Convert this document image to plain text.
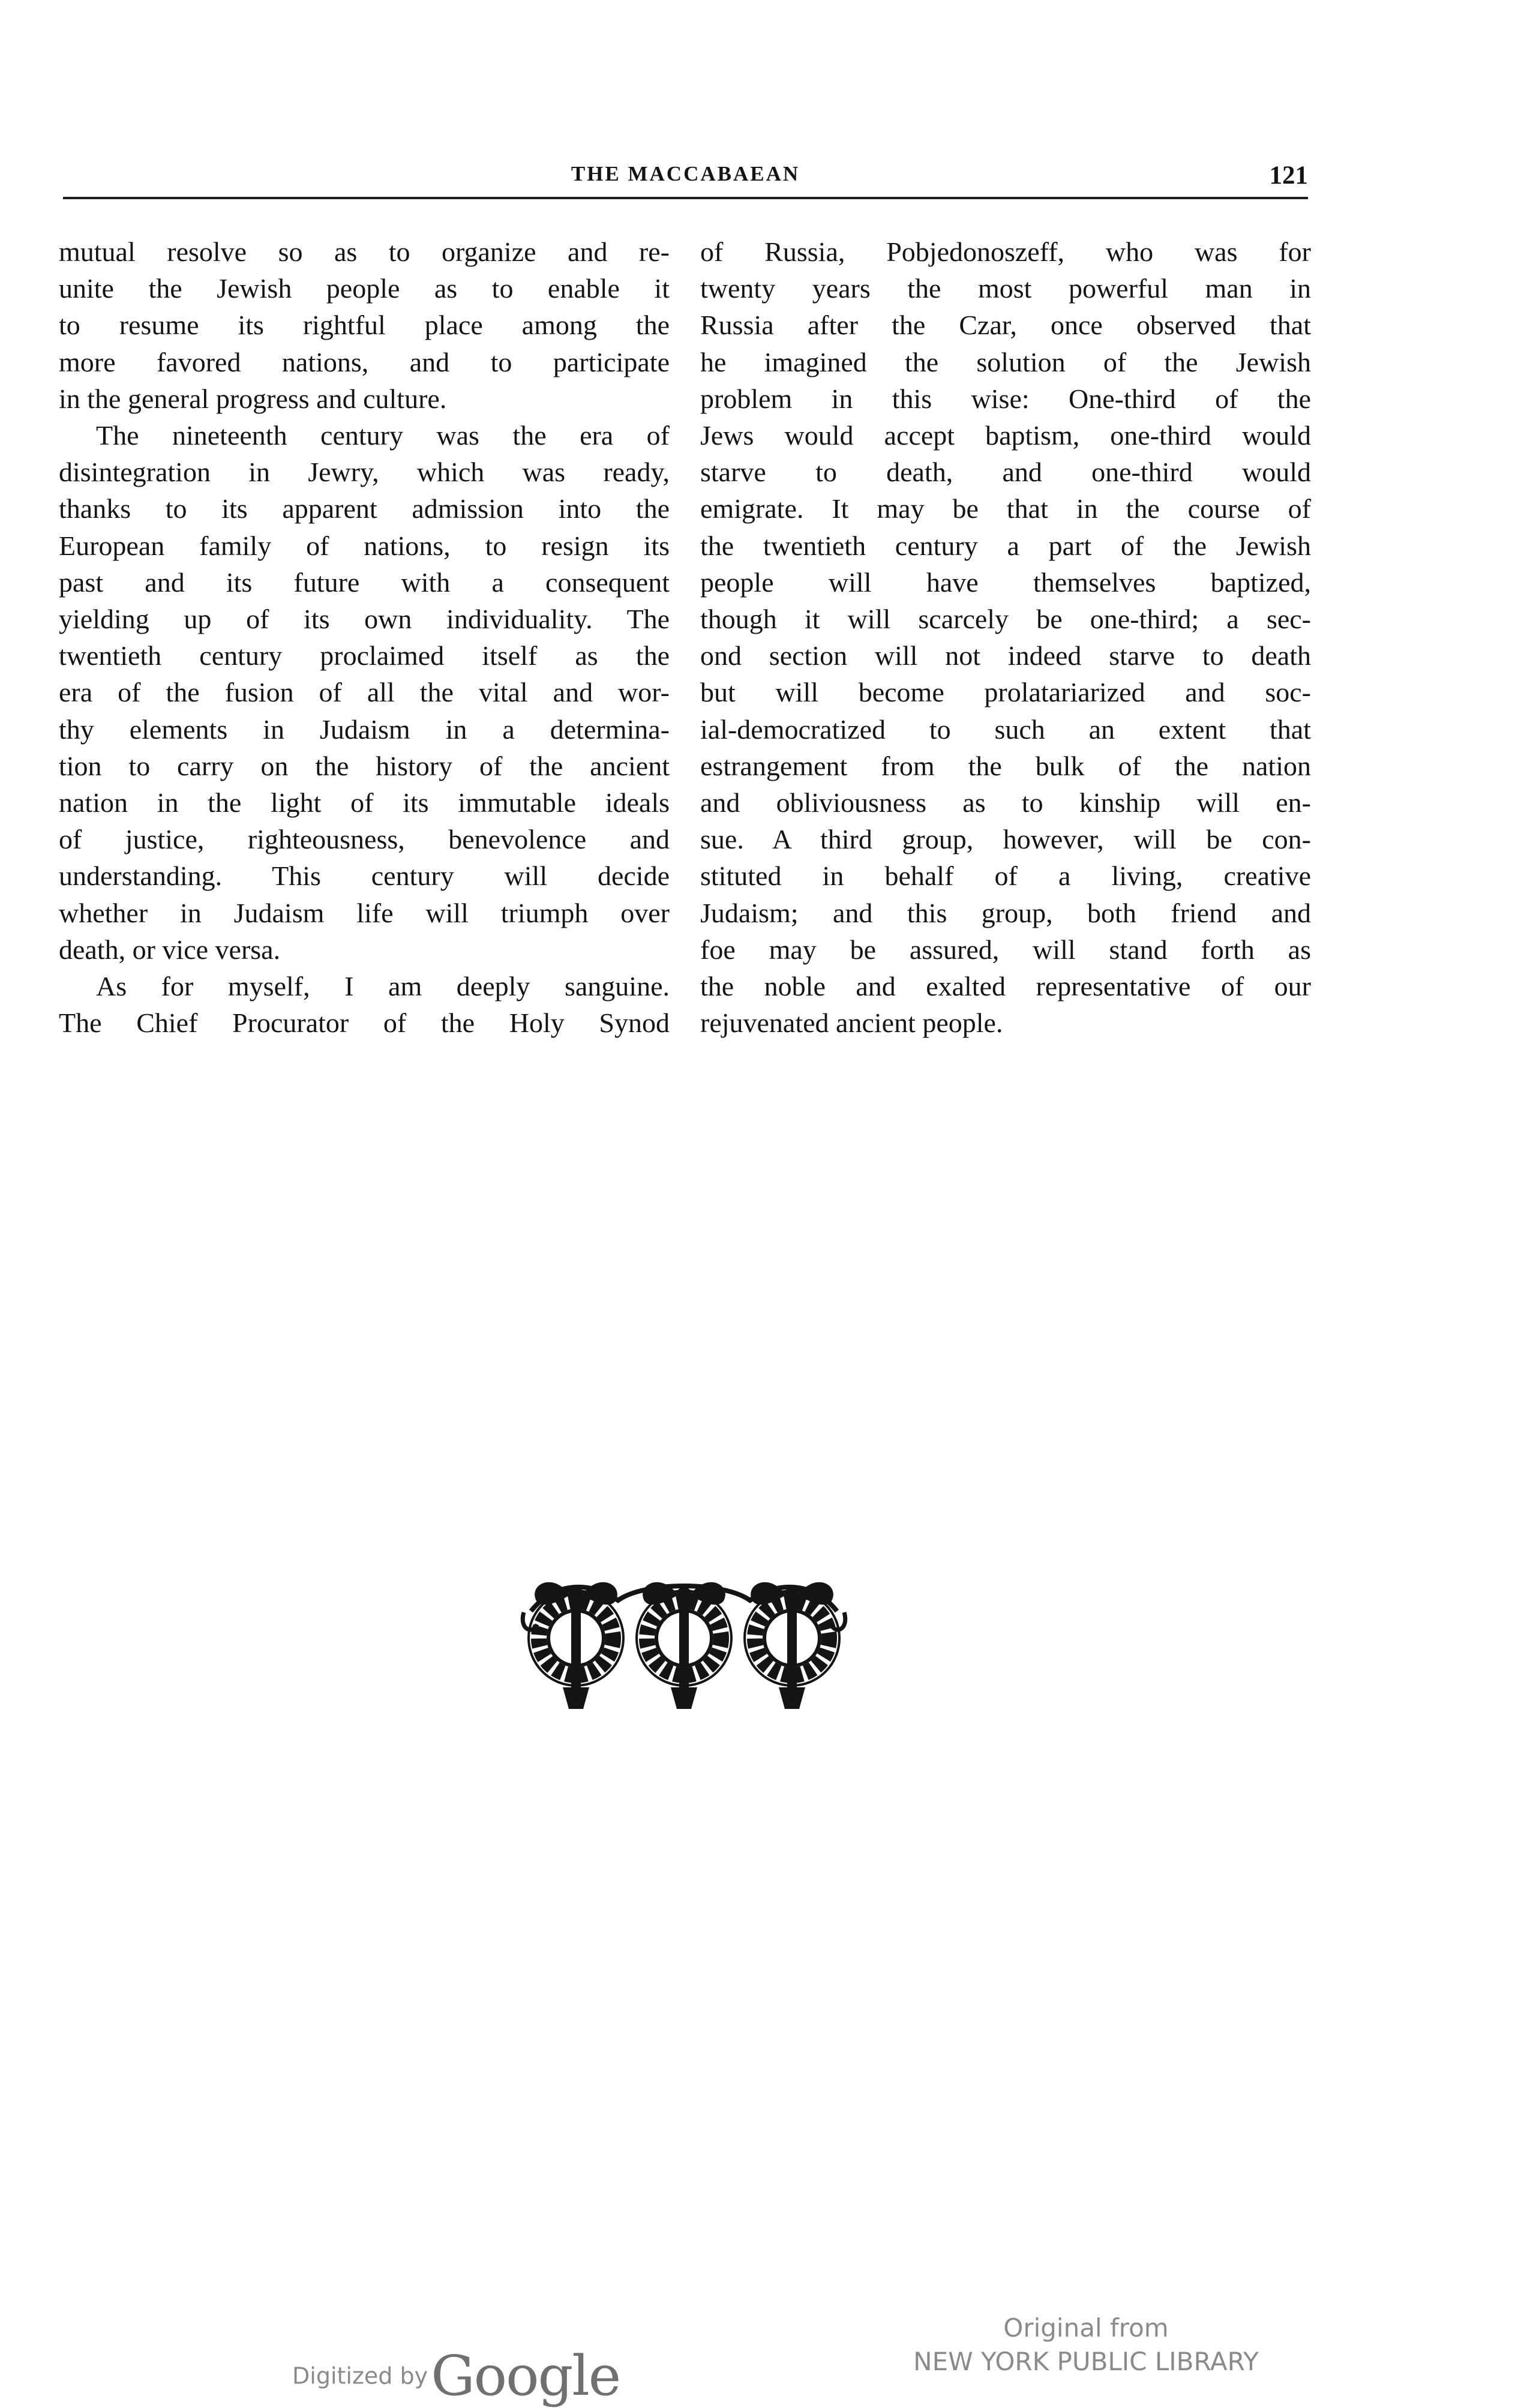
THE MACCABAEAN	121
mutual resolve so as to organize and re-
unite the Jewish people as to enable it
to resume its rightful place among the
more favored nations, and to participate
in the general progress and culture.
The nineteenth century was the era of
disintegration in Jewry, which was ready,
thanks to its apparent admission into the
European family of nations, to resign its
past and its future with a consequent
yielding up of its own individuality. The
twentieth century proclaimed itself as the
era of the fusion of all the vital and wor-
thy elements in Judaism in a determina-
tion to carry on the history of the ancient
nation in the light of its immutable ideals
of justice, righteousness, benevolence and
understanding. This century will decide
whether in Judaism life will triumph over
death, or vice versa.
As for myself, I am deeply sanguine.
The Chief Procurator of the Holy Synod
of Russia, Pobjedonoszeff, who was for
twenty years the most powerful man in
Russia after the Czar, once observed that
he imagined the solution of the Jewish
problem in this wise: One-third of the
Jews would accept baptism, one-third would
starve to death, and one-third would
emigrate. It may be that in the course of
the twentieth century a part of the Jewish
people will have themselves baptized,
though it will scarcely be one-third; a sec-
ond section will not indeed starve to death
but will become prolatariarized and soc-
ial-democratized to such an extent that
estrangement from the bulk of the nation
and obliviousness as to kinship will en-
sue. A third group, however, will be con-
stituted in behalf of a living, creative
Judaism; and this group, both friend and
foe may be assured, will stand forth as
the noble and exalted representative of our
rejuvenated ancient people.
Digitized by Google
Original from
NEW YORK PUBLIC LIBRARY
